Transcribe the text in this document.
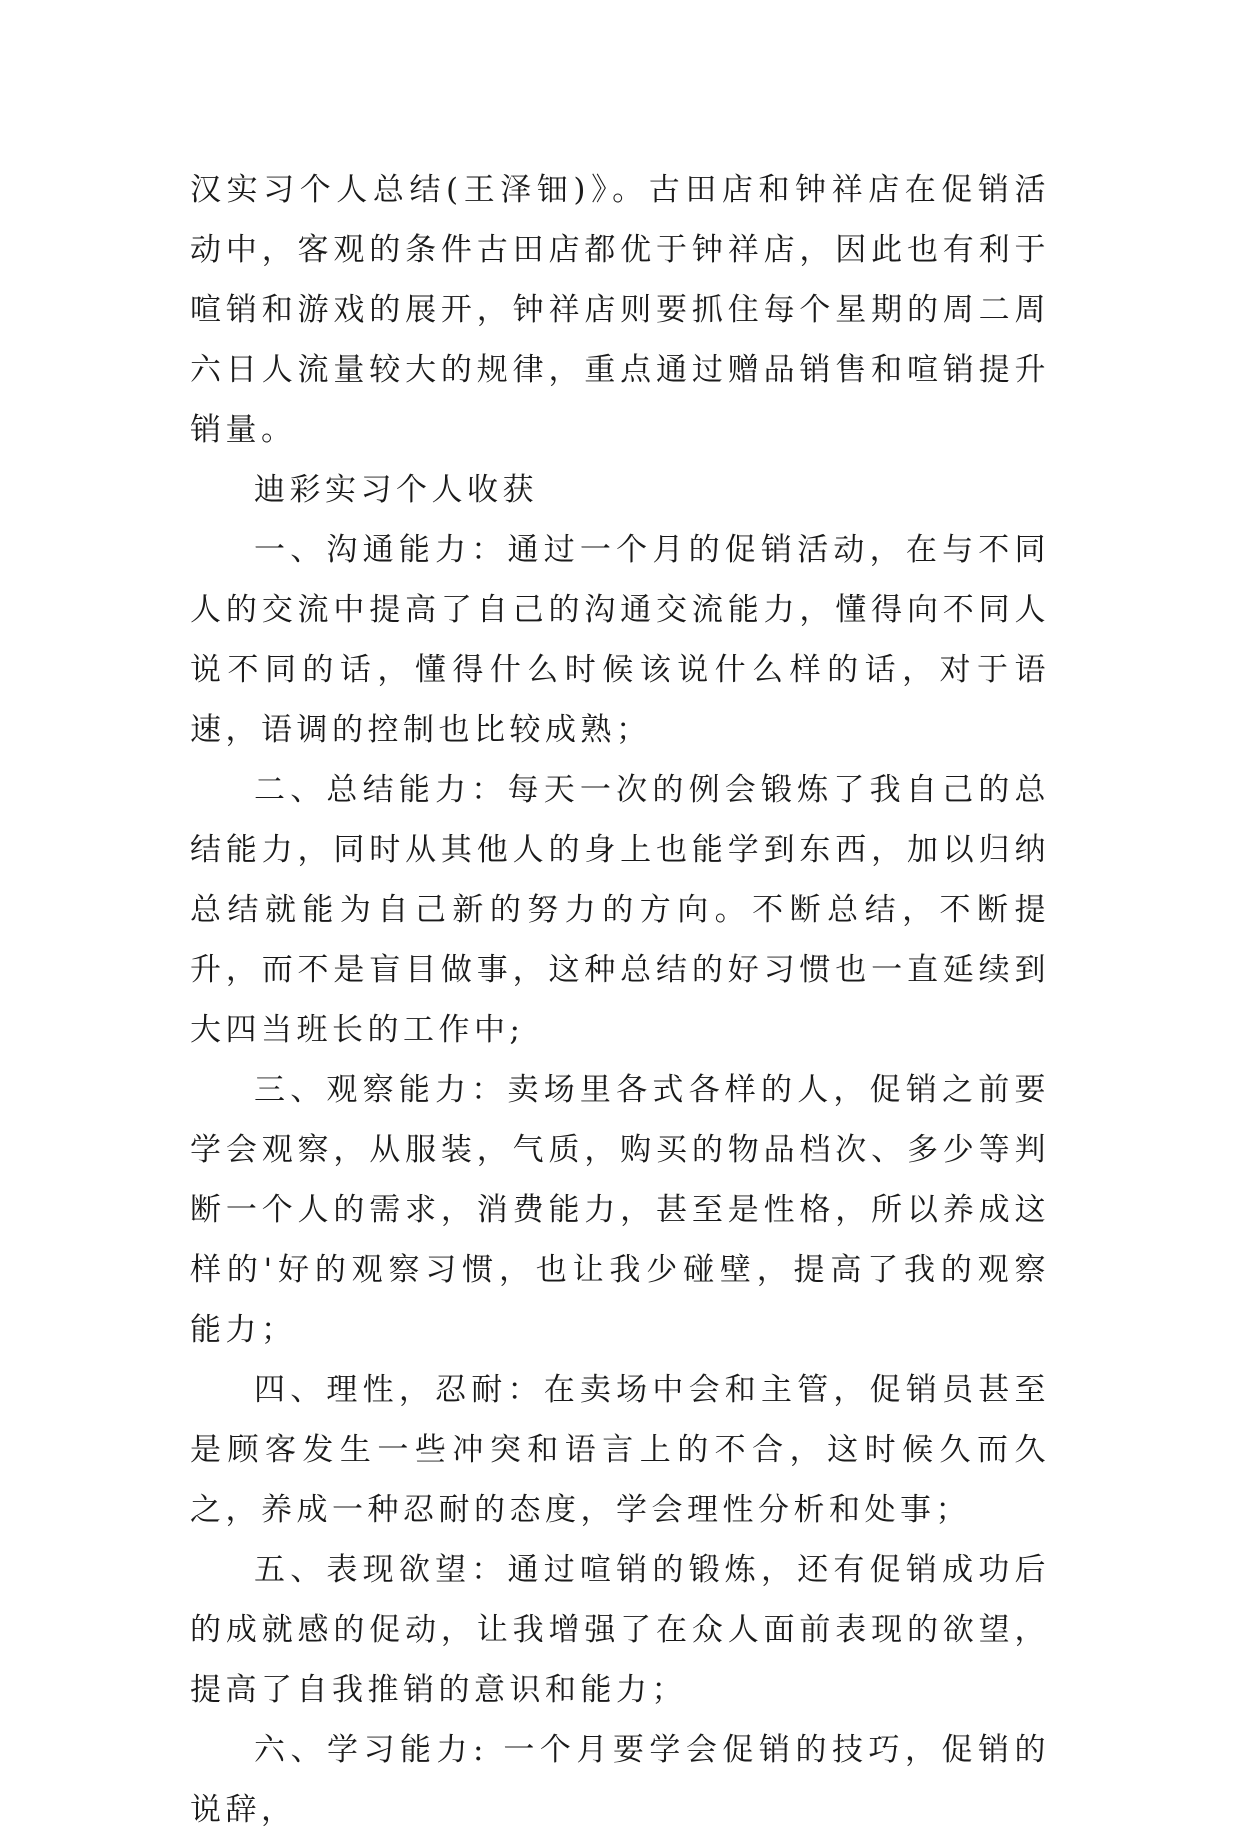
汉实习个人总结(王泽钿)》。古田店和钟祥店在促销活动中，客观的条件古田店都优于钟祥店，因此也有利于喧销和游戏的展开，钟祥店则要抓住每个星期的周二周六日人流量较大的规律，重点通过赠品销售和喧销提升销量。

迪彩实习个人收获

一、沟通能力：通过一个月的促销活动，在与不同人的交流中提高了自己的沟通交流能力，懂得向不同人说不同的话，懂得什么时候该说什么样的话，对于语速，语调的控制也比较成熟；

二、总结能力：每天一次的例会锻炼了我自己的总结能力，同时从其他人的身上也能学到东西，加以归纳总结就能为自己新的努力的方向。不断总结，不断提升，而不是盲目做事，这种总结的好习惯也一直延续到大四当班长的工作中;

三、观察能力：卖场里各式各样的人，促销之前要学会观察，从服装，气质，购买的物品档次、多少等判断一个人的需求，消费能力，甚至是性格，所以养成这样的'好的观察习惯，也让我少碰壁，提高了我的观察能力；

四、理性，忍耐：在卖场中会和主管，促销员甚至是顾客发生一些冲突和语言上的不合，这时候久而久之，养成一种忍耐的态度，学会理性分析和处事；

五、表现欲望：通过喧销的锻炼，还有促销成功后的成就感的促动，让我增强了在众人面前表现的欲望，提高了自我推销的意识和能力；

六、学习能力: 一个月要学会促销的技巧，促销的说辞，
